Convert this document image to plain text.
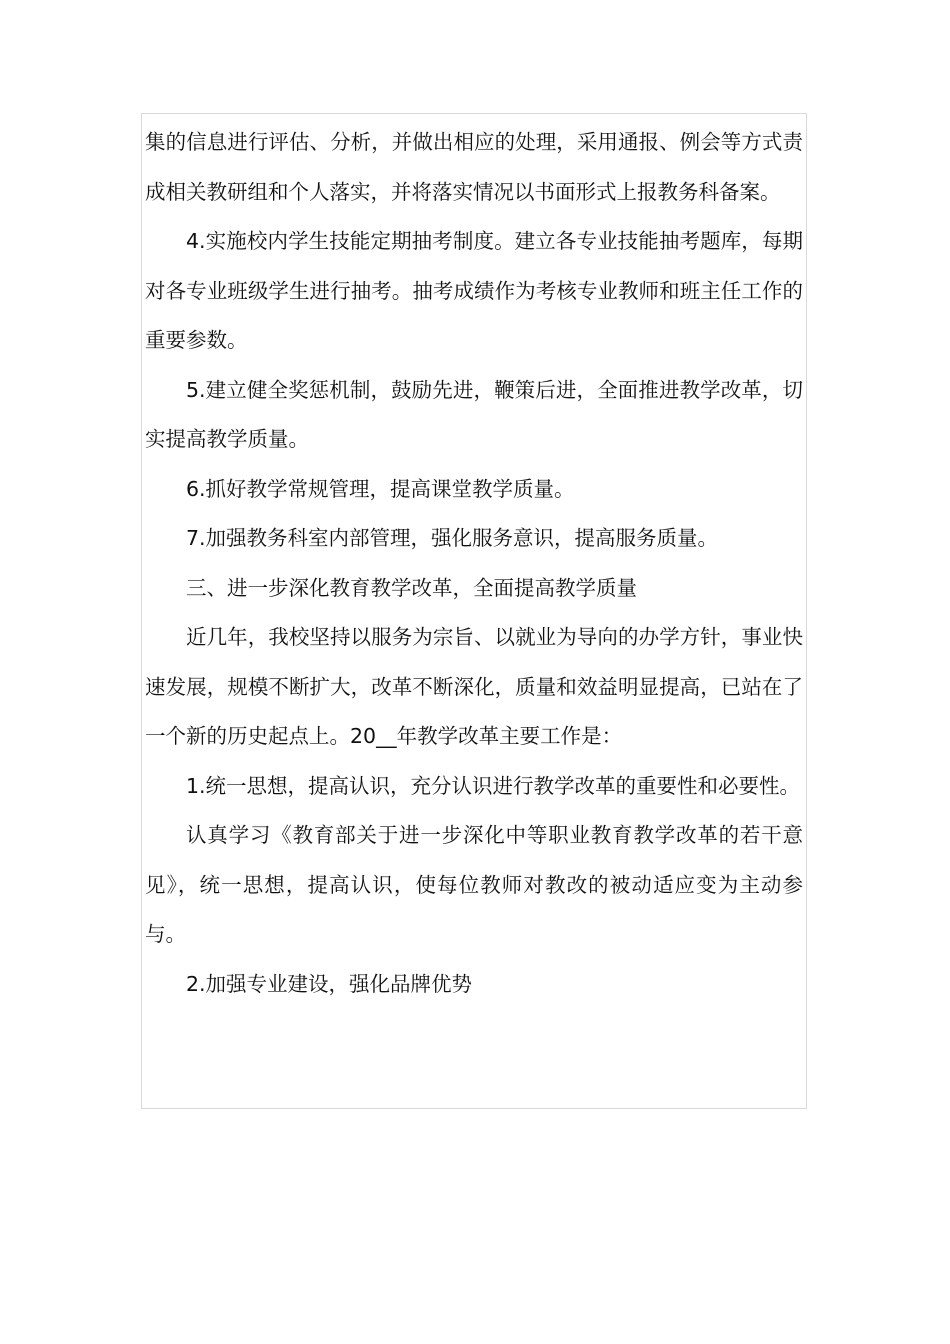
集的信息进行评估、分析，并做出相应的处理，采用通报、例会等方式责成相关教研组和个人落实，并将落实情况以书面形式上报教务科备案。

4.实施校内学生技能定期抽考制度。建立各专业技能抽考题库，每期对各专业班级学生进行抽考。抽考成绩作为考核专业教师和班主任工作的重要参数。

5.建立健全奖惩机制，鼓励先进，鞭策后进，全面推进教学改革，切实提高教学质量。

6.抓好教学常规管理，提高课堂教学质量。

7.加强教务科室内部管理，强化服务意识，提高服务质量。

三、进一步深化教育教学改革，全面提高教学质量

近几年，我校坚持以服务为宗旨、以就业为导向的办学方针，事业快速发展，规模不断扩大，改革不断深化，质量和效益明显提高，已站在了一个新的历史起点上。20__年教学改革主要工作是：

1.统一思想，提高认识，充分认识进行教学改革的重要性和必要性。

认真学习《教育部关于进一步深化中等职业教育教学改革的若干意见》，统一思想，提高认识，使每位教师对教改的被动适应变为主动参与。

2.加强专业建设，强化品牌优势
